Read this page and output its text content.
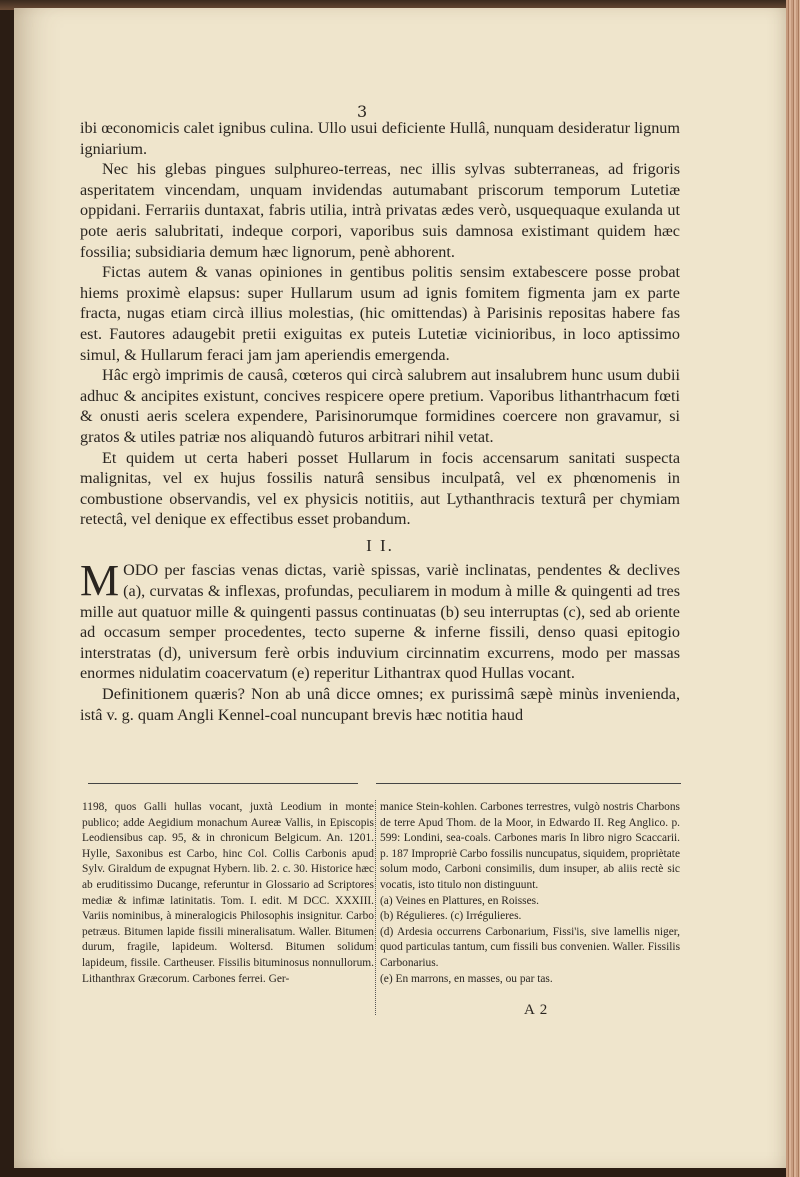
3

ibi œconomicis calet ignibus culina. Ullo usui deficiente Hullâ, nunquam desideratur lignum igniarium.

Nec his glebas pingues sulphureo-terreas, nec illis sylvas subterraneas, ad frigoris asperitatem vincendam, unquam invidendas autumabant priscorum temporum Lutetiæ oppidani. Ferrariis duntaxat, fabris utilia, intrà privatas ædes verò, usquequaque exulanda ut pote aeris salubritati, indeque corpori, vaporibus suis damnosa existimant quidem hæc fossilia; subsidiaria demum hæc lignorum, penè abhorent.

Fictas autem & vanas opiniones in gentibus politis sensim extabescere posse probat hiems proximè elapsus: super Hullarum usum ad ignis fomitem figmenta jam ex parte fracta, nugas etiam circà illius molestias, (hic omittendas) à Parisinis repositas habere fas est. Fautores adaugebit pretii exiguitas ex puteis Lutetiæ vicinioribus, in loco aptissimo simul, & Hullarum feraci jam jam aperiendis emergenda.

Hâc ergò imprimis de causâ, cœteros qui circà salubrem aut insalubrem hunc usum dubii adhuc & ancipites existunt, concives respicere opere pretium. Vaporibus lithantrhacum fœti & onusti aeris scelera expendere, Parisinorumque formidines coercere non gravamur, si gratos & utiles patriæ nos aliquandò futuros arbitrari nihil vetat.

Et quidem ut certa haberi posset Hullarum in focis accensarum sanitati suspecta malignitas, vel ex hujus fossilis naturâ sensibus inculpatâ, vel ex phœnomenis in combustione observandis, vel ex physicis notitiis, aut Lythanthracis texturâ per chymiam retectâ, vel denique ex effectibus esset probandum.

I I.

MODO per fascias venas dictas, variè spissas, variè inclinatas, pendentes & declives (a), curvatas & inflexas, profundas, peculiarem in modum à mille & quingenti ad tres mille aut quatuor mille & quingenti passus continuatas (b) seu interruptas (c), sed ab oriente ad occasum semper procedentes, tecto superne & inferne fissili, denso quasi epitogio interstratas (d), universum ferè orbis induvium circinnatim excurrens, modo per massas enormes nidulatim coacervatum (e) reperitur Lithantrax quod Hullas vocant.

Definitionem quæris? Non ab unâ dicce omnes; ex purissimâ sæpè minùs invenienda, istâ v. g. quam Angli Kennel-coal nuncupant brevis hæc notitia haud

1198, quos Galli hullas vocant, juxtà Leodium in monte publico; adde Aegidium monachum Aureæ Vallis, in Episcopis Leodiensibus cap. 95, & in chronicum Belgicum. An. 1201. Hylle, Saxonibus est Carbo, hinc Col. Collis Carbonis apud Sylv. Giraldum de expugnat Hybern. lib. 2. c. 30. Historice hæc ab eruditissimo Ducange, referuntur in Glossario ad Scriptores mediæ & infimæ latinitatis. Tom. I. edit. M DCC. XXXIII. Variis nominibus, à mineralogicis Philosophis insignitur. Carbo petræus. Bitumen lapide fissili mineralisatum. Waller. Bitumen durum, fragile, lapideum. Woltersd. Bitumen solidum lapideum, fissile. Cartheuser. Fissilis bituminosus nonnullorum. Lithanthrax Græcorum. Carbones ferrei. Ger-

manice Stein-kohlen. Carbones terrestres, vulgò nostris Charbons de terre Apud Thom. de la Moor, in Edwardo II. Reg Anglico. p. 599: Londini, sea-coals. Carbones maris In libro nigro Scaccarii. p. 187 Impropriè Carbo fossilis nuncupatus, siquidem, propriètate solum modo, Carboni consimilis, dum insuper, ab aliis rectè sic vocatis, isto titulo non distinguunt.

(a) Veines en Plattures, en Roisses.

(b) Régulieres. (c) Irrégulieres.

(d) Ardesia occurrens Carbonarium, Fissi'is, sive lamellis niger, quod particulas tantum, cum fissili bus convenien. Waller. Fissilis Carbonarius.

(e) En marrons, en masses, ou par tas.

A 2
